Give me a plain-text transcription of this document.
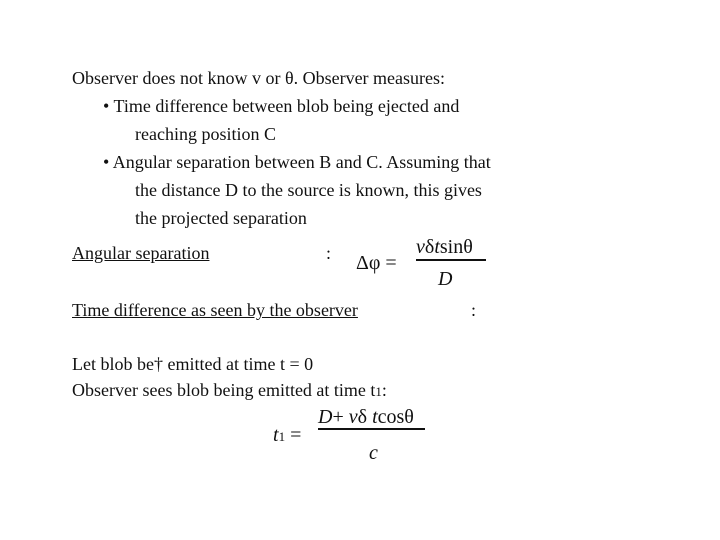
Observer does not know v or θ. Observer measures:
• Time difference between blob being ejected and
reaching position C
• Angular separation between B and C. Assuming that
the distance D to the source is known, this gives
the projected separation
Angular separation	: Δφ =
vδtsinθ
D
Time difference as seen by the observer	:
Let blob be† emitted at time t = 0
Observer sees blob being emitted at time t1:
t1 =
D+ vδ tcosθ
c
